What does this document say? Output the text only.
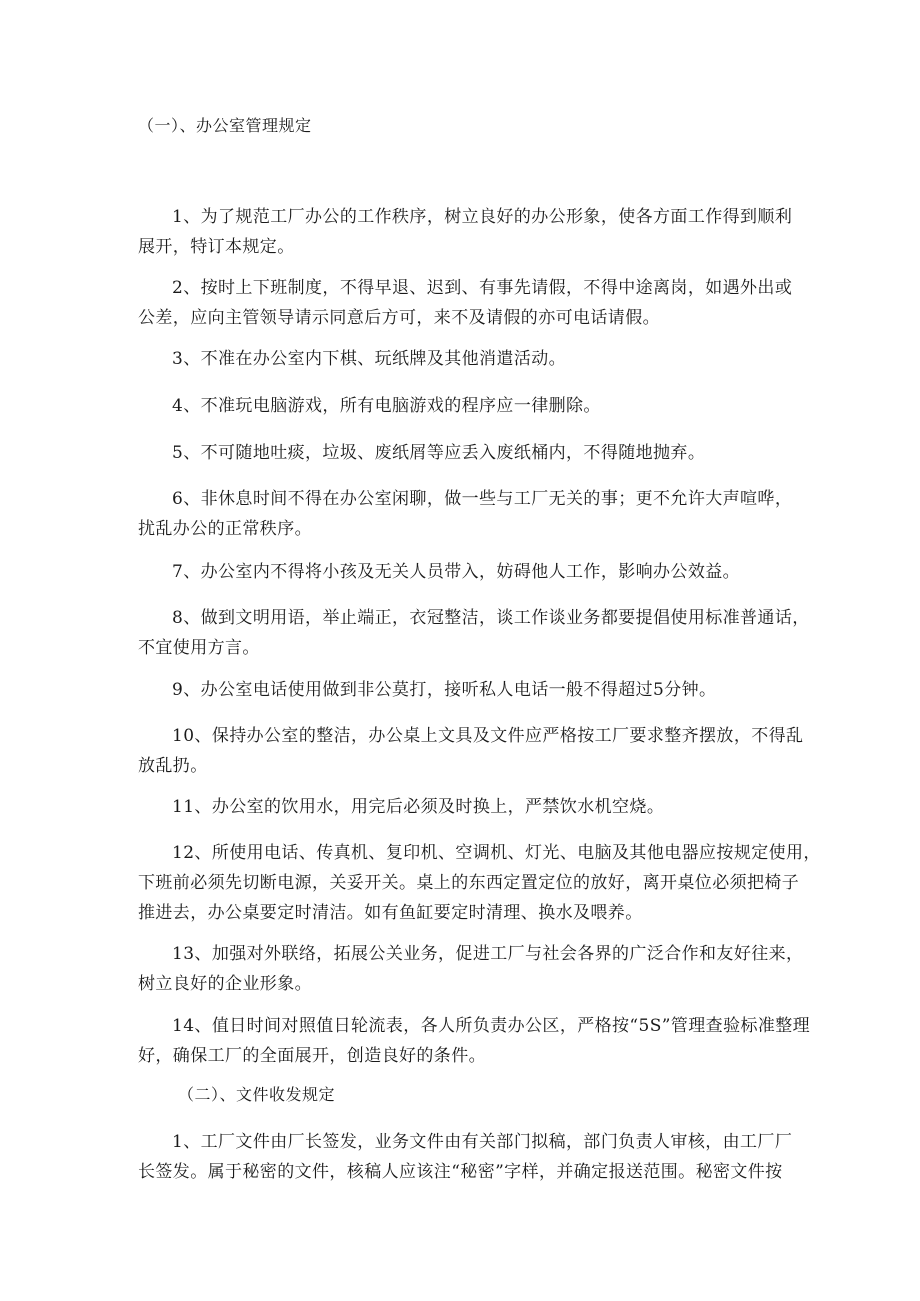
（一）、办公室管理规定
1、为了规范工厂办公的工作秩序，树立良好的办公形象，使各方面工作得到顺利
展开，特订本规定。
2、按时上下班制度，不得早退、迟到、有事先请假，不得中途离岗，如遇外出或
公差，应向主管领导请示同意后方可，来不及请假的亦可电话请假。
3、不准在办公室内下棋、玩纸牌及其他消遣活动。
4、不准玩电脑游戏，所有电脑游戏的程序应一律删除。
5、不可随地吐痰，垃圾、废纸屑等应丢入废纸桶内，不得随地抛弃。
6、非休息时间不得在办公室闲聊，做一些与工厂无关的事；更不允许大声喧哗，
扰乱办公的正常秩序。
7、办公室内不得将小孩及无关人员带入，妨碍他人工作，影响办公效益。
8、做到文明用语，举止端正，衣冠整洁，谈工作谈业务都要提倡使用标准普通话，
不宜使用方言。
9、办公室电话使用做到非公莫打，接听私人电话一般不得超过5分钟。
10、保持办公室的整洁，办公桌上文具及文件应严格按工厂要求整齐摆放，不得乱
放乱扔。
11、办公室的饮用水，用完后必须及时换上，严禁饮水机空烧。
12、所使用电话、传真机、复印机、空调机、灯光、电脑及其他电器应按规定使用，
下班前必须先切断电源，关妥开关。桌上的东西定置定位的放好，离开桌位必须把椅子
推进去，办公桌要定时清洁。如有鱼缸要定时清理、换水及喂养。
13、加强对外联络，拓展公关业务，促进工厂与社会各界的广泛合作和友好往来，
树立良好的企业形象。
14、值日时间对照值日轮流表，各人所负责办公区，严格按“5S”管理查验标准整理
好，确保工厂的全面展开，创造良好的条件。
（二）、文件收发规定
1、工厂文件由厂长签发，业务文件由有关部门拟稿，部门负责人审核，由工厂厂
长签发。属于秘密的文件，核稿人应该注“秘密”字样，并确定报送范围。秘密文件按
